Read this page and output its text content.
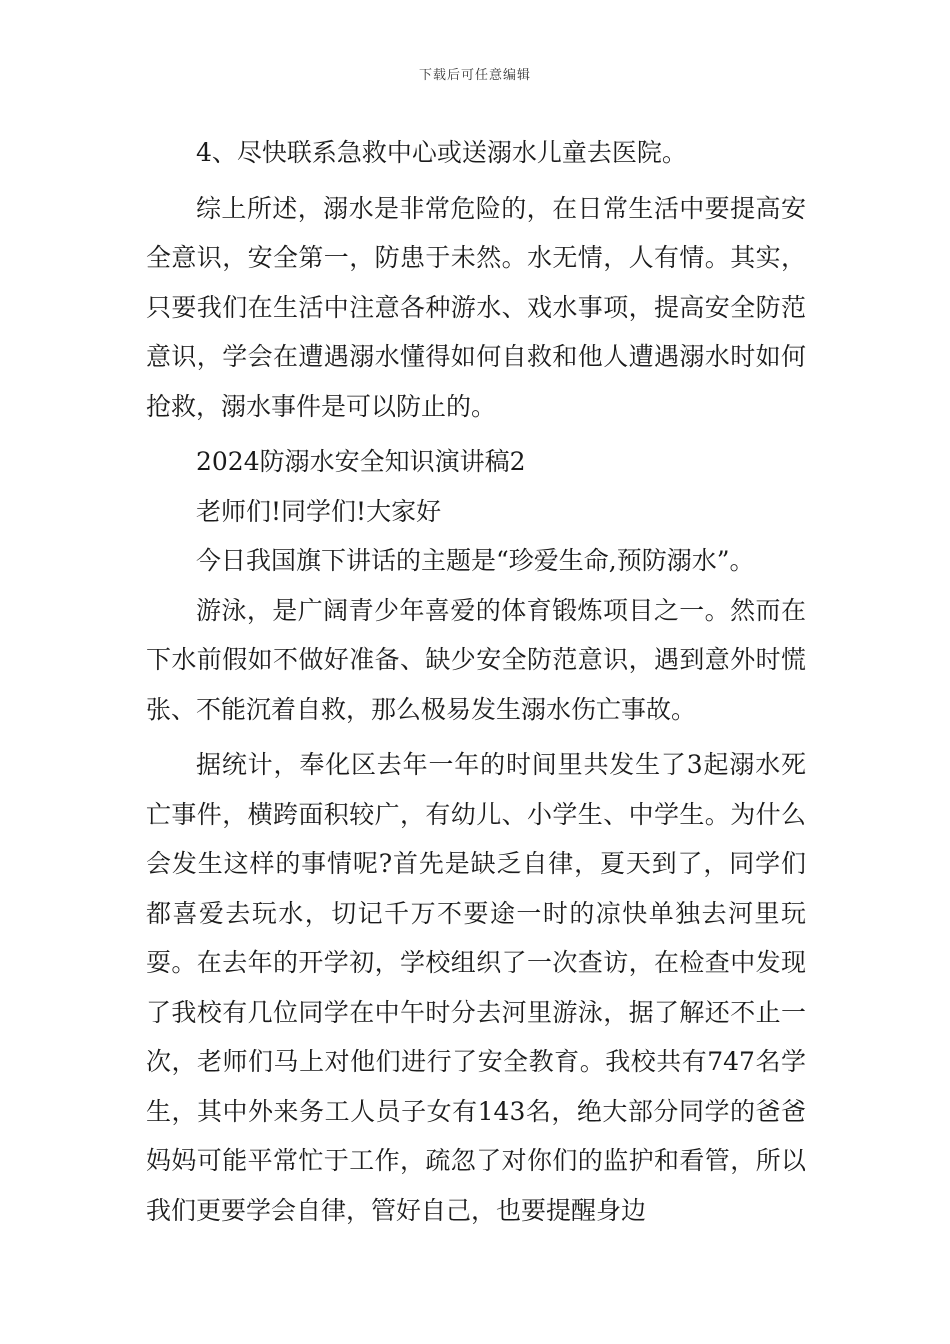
下载后可任意编辑

4、尽快联系急救中心或送溺水儿童去医院。

综上所述，溺水是非常危险的，在日常生活中要提高安全意识，安全第一，防患于未然。水无情，人有情。其实，只要我们在生活中注意各种游水、戏水事项，提高安全防范意识，学会在遭遇溺水懂得如何自救和他人遭遇溺水时如何抢救，溺水事件是可以防止的。

2024防溺水安全知识演讲稿2

老师们!同学们!大家好

今日我国旗下讲话的主题是“珍爱生命,预防溺水”。

游泳，是广阔青少年喜爱的体育锻炼项目之一。然而在下水前假如不做好准备、缺少安全防范意识，遇到意外时慌张、不能沉着自救，那么极易发生溺水伤亡事故。

据统计，奉化区去年一年的时间里共发生了3起溺水死亡事件，横跨面积较广，有幼儿、小学生、中学生。为什么会发生这样的事情呢?首先是缺乏自律，夏天到了，同学们都喜爱去玩水，切记千万不要途一时的凉快单独去河里玩耍。在去年的开学初，学校组织了一次查访，在检查中发现了我校有几位同学在中午时分去河里游泳，据了解还不止一次，老师们马上对他们进行了安全教育。我校共有747名学生，其中外来务工人员子女有143名，绝大部分同学的爸爸妈妈可能平常忙于工作，疏忽了对你们的监护和看管，所以我们更要学会自律，管好自己，也要提醒身边
